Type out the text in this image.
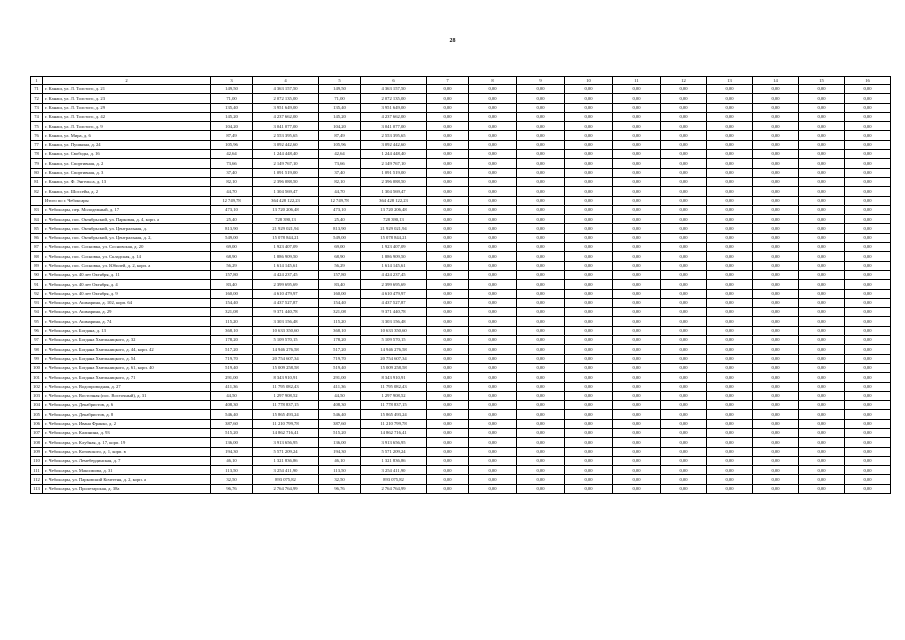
28
1	2	3	4	5	6	7	8	9	10	11	12	13	14	15	16
71	г. Канаш, ул. Л. Толстого, д. 21	149,50	4 363 157,50	149,50	4 363 157,50	0,00	0,00	0,00	0,00	0,00	0,00	0,00	0,00	0,00	0,00
72	г. Канаш, ул. Л. Толстого, д. 23	71,00	2 072 135,00	71,00	2 072 135,00	0,00	0,00	0,00	0,00	0,00	0,00	0,00	0,00	0,00	0,00
73	г. Канаш, ул. Л. Толстого, д. 29	135,40	3 951 649,00	135,40	3 951 649,00	0,00	0,00	0,00	0,00	0,00	0,00	0,00	0,00	0,00	0,00
74	г. Канаш, ул. Л. Толстого, д. 42	145,20	4 237 662,00	145,20	4 237 662,00	0,00	0,00	0,00	0,00	0,00	0,00	0,00	0,00	0,00	0,00
75	г. Канаш, ул. Л. Толстого, д. 9	104,20	3 041 077,00	104,20	3 041 077,00	0,00	0,00	0,00	0,00	0,00	0,00	0,00	0,00	0,00	0,00
76	г. Канаш, ул. Мира, д. 6	87,49	2 553 395,65	87,49	2 553 395,65	0,00	0,00	0,00	0,00	0,00	0,00	0,00	0,00	0,00	0,00
77	г. Канаш, ул. Пушкина, д. 24	105,96	3 092 442,60	105,96	3 092 442,60	0,00	0,00	0,00	0,00	0,00	0,00	0,00	0,00	0,00	0,00
78	г. Канаш, ул. Свободы, д. 16	42,64	1 244 448,40	42,64	1 244 448,40	0,00	0,00	0,00	0,00	0,00	0,00	0,00	0,00	0,00	0,00
79	г. Канаш, ул. Спортивная, д. 2	73,66	2 149 767,10	73,66	2 149 767,10	0,00	0,00	0,00	0,00	0,00	0,00	0,00	0,00	0,00	0,00
80	г. Канаш, ул. Спортивная, д. 3	37,40	1 091 519,00	37,40	1 091 519,00	0,00	0,00	0,00	0,00	0,00	0,00	0,00	0,00	0,00	0,00
81	г. Канаш, ул. Ф. Энгельса, д. 13	82,10	2 396 088,50	82,10	2 396 088,50	0,00	0,00	0,00	0,00	0,00	0,00	0,00	0,00	0,00	0,00
82	г. Канаш, ул. Шоссейн, д. 2	44,70	1 304 569,47	44,70	1 304 569,47	0,00	0,00	0,00	0,00	0,00	0,00	0,00	0,00	0,00	0,00
	Итого по г. Чебоксары	12 749,78	364 428 122,23	12 749,78	364 428 122,23	0,00	0,00	0,00	0,00	0,00	0,00	0,00	0,00	0,00	0,00
83	г. Чебоксары, пер. Молодежный, д. 17	473,10	13 720 206,48	473,10	13 720 206,48	0,00	0,00	0,00	0,00	0,00	0,00	0,00	0,00	0,00	0,00
84	г. Чебоксары, пос. Октябрьский, ул. Парковая, д. 4, корп. а	25,40	728 390,13	25,40	728 390,13	0,00	0,00	0,00	0,00	0,00	0,00	0,00	0,00	0,00	0,00
85	г. Чебоксары, пос. Октябрьский, ул. Центральная, д.	813,90	21 929 021,94	813,90	21 929 021,94	0,00	0,00	0,00	0,00	0,00	0,00	0,00	0,00	0,00	0,00
86	г. Чебоксары, пос. Октябрьский, ул. Центральная, д. 2,	549,00	15 078 844,21	549,00	15 078 844,21	0,00	0,00	0,00	0,00	0,00	0,00	0,00	0,00	0,00	0,00
87	г. Чебоксары, пос. Сосновка, ул. Сосновская, д. 20	69,00	1 923 407,09	69,00	1 923 407,09	0,00	0,00	0,00	0,00	0,00	0,00	0,00	0,00	0,00	0,00
88	г. Чебоксары, пос. Сосновка, ул. Складская, д. 14	68,90	1 886 909,50	68,90	1 886 909,50	0,00	0,00	0,00	0,00	0,00	0,00	0,00	0,00	0,00	0,00
89	г. Чебоксары, пос. Сосновка, ул. Юбилей, д. 2, корп. а	56,29	1 614 145,61	56,29	1 614 145,61	0,00	0,00	0,00	0,00	0,00	0,00	0,00	0,00	0,00	0,00
90	г. Чебоксары, ул. 40 лет Октября, д. 11	157,80	4 424 237,45	157,80	4 424 237,45	0,00	0,00	0,00	0,00	0,00	0,00	0,00	0,00	0,00	0,00
91	г. Чебоксары, ул. 40 лет Октября, д. 4	83,40	2 399 695,69	83,40	2 399 695,69	0,00	0,00	0,00	0,00	0,00	0,00	0,00	0,00	0,00	0,00
92	г. Чебоксары, ул. 40 лет Октября, д. 9	160,00	4 610 479,97	160,00	4 610 479,97	0,00	0,00	0,00	0,00	0,00	0,00	0,00	0,00	0,00	0,00
93	г. Чебоксары, ул. Ашмарина, д. 102, корп. 64	154,40	4 437 527,87	154,40	4 437 527,87	0,00	0,00	0,00	0,00	0,00	0,00	0,00	0,00	0,00	0,00
94	г. Чебоксары, ул. Ашмарина, д. 29	321,08	9 371 440,78	321,08	9 371 440,78	0,00	0,00	0,00	0,00	0,00	0,00	0,00	0,00	0,00	0,00
95	г. Чебоксары, ул. Ашмарина, д. 74	115,20	3 303 156,48	115,20	3 303 156,48	0,00	0,00	0,00	0,00	0,00	0,00	0,00	0,00	0,00	0,00
96	г. Чебоксары, ул. Богдана, д. 13	368,10	10 633 350,60	368,10	10 633 350,60	0,00	0,00	0,00	0,00	0,00	0,00	0,00	0,00	0,00	0,00
97	г. Чебоксары, ул. Богдана Хмельницкого, д. 32	178,20	5 109 570,15	178,20	5 109 570,15	0,00	0,00	0,00	0,00	0,00	0,00	0,00	0,00	0,00	0,00
98	г. Чебоксары, ул. Богдана Хмельницкого, д. 44, корп. 42	517,20	14 946 276,58	517,20	14 946 276,58	0,00	0,00	0,00	0,00	0,00	0,00	0,00	0,00	0,00	0,00
99	г. Чебоксары, ул. Богдана Хмельницкого, д. 54	719,70	20 754 607,34	719,70	20 754 607,34	0,00	0,00	0,00	0,00	0,00	0,00	0,00	0,00	0,00	0,00
100	г. Чебоксары, ул. Богдана Хмельницкого, д. 61, корп. 40	519,40	15 009 258,58	519,40	15 009 258,58	0,00	0,00	0,00	0,00	0,00	0,00	0,00	0,00	0,00	0,00
101	г. Чебоксары, ул. Богдана Хмельницкого, д. 71	291,00	8 343 910,91	291,00	8 343 910,91	0,00	0,00	0,00	0,00	0,00	0,00	0,00	0,00	0,00	0,00
102	г. Чебоксары, ул. Водопроводная, д. 27	411,36	11 795 082,43	411,36	11 795 082,43	0,00	0,00	0,00	0,00	0,00	0,00	0,00	0,00	0,00	0,00
103	г. Чебоксары, ул. Восточная (пос. Восточный), д. 31	44,50	1 297 908,52	44,50	1 297 908,52	0,00	0,00	0,00	0,00	0,00	0,00	0,00	0,00	0,00	0,00
104	г. Чебоксары, ул. Декабристов, д. 6	408,30	11 778 837,15	408,30	11 778 837,15	0,00	0,00	0,00	0,00	0,00	0,00	0,00	0,00	0,00	0,00
105	г. Чебоксары, ул. Декабристов, д. 8	546,40	15 865 493,24	546,40	15 865 493,24	0,00	0,00	0,00	0,00	0,00	0,00	0,00	0,00	0,00	0,00
106	г. Чебоксары, ул. Ивана Франко, д. 2	387,60	11 210 799,78	387,60	11 210 799,78	0,00	0,00	0,00	0,00	0,00	0,00	0,00	0,00	0,00	0,00
107	г. Чебоксары, ул. Калинина, д. 93	515,20	14 862 716,41	515,20	14 862 716,41	0,00	0,00	0,00	0,00	0,00	0,00	0,00	0,00	0,00	0,00
108	г. Чебоксары, ул. Клубная, д. 17, корп. 19	136,00	3 913 656,95	136,00	3 913 656,95	0,00	0,00	0,00	0,00	0,00	0,00	0,00	0,00	0,00	0,00
109	г. Чебоксары, ул. Котовского, д. 1, корп. в	194,30	5 571 209,24	194,30	5 571 209,24	0,00	0,00	0,00	0,00	0,00	0,00	0,00	0,00	0,00	0,00
110	г. Чебоксары, ул. Лемебердинская, д. 7	46,10	1 321 836,86	46,10	1 321 836,86	0,00	0,00	0,00	0,00	0,00	0,00	0,00	0,00	0,00	0,00
111	г. Чебоксары, ул. Максимова, д. 31	113,50	3 254 411,90	113,50	3 254 411,90	0,00	0,00	0,00	0,00	0,00	0,00	0,00	0,00	0,00	0,00
112	г. Чебоксары, ул. Парковский Кочегеня, д. 2, корп. а	32,50	893 075,82	32,50	893 075,82	0,00	0,00	0,00	0,00	0,00	0,00	0,00	0,00	0,00	0,00
113	г. Чебоксары, ул. Пролетарская, д. 38а	96,76	2 764 764,99	96,76	2 764 764,99	0,00	0,00	0,00	0,00	0,00	0,00	0,00	0,00	0,00	0,00
